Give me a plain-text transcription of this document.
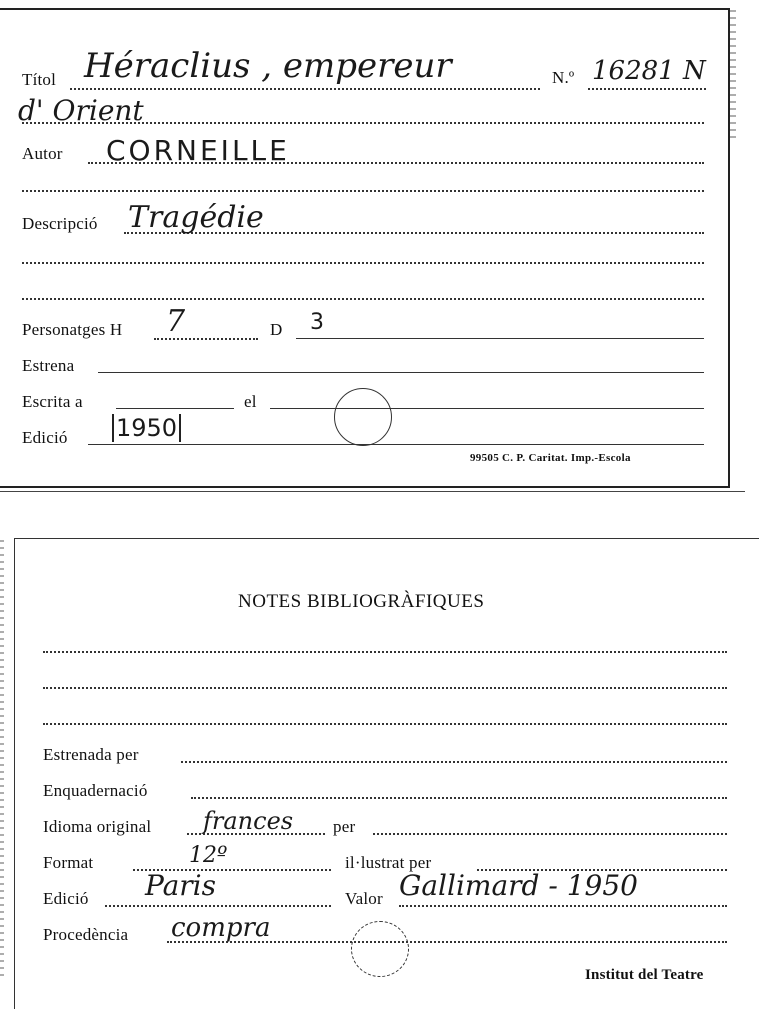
Títol Héraclius , empereur	N.º 16281 N
d' Orient
Autor CORNEILLE
Descripció Tragédie
Personatges H 7	D 3
Estrena
Escrita a	el
Edició 1950
99505 C. P. Caritat. Imp.-Escola
NOTES BIBLIOGRÀFIQUES
Estrenada per
Enquadernació
Idioma original frances per
Format	12º	il·lustrat per
Edició Paris	Valor Gallimard - 1950
Procedència compra
Institut del Teatre
